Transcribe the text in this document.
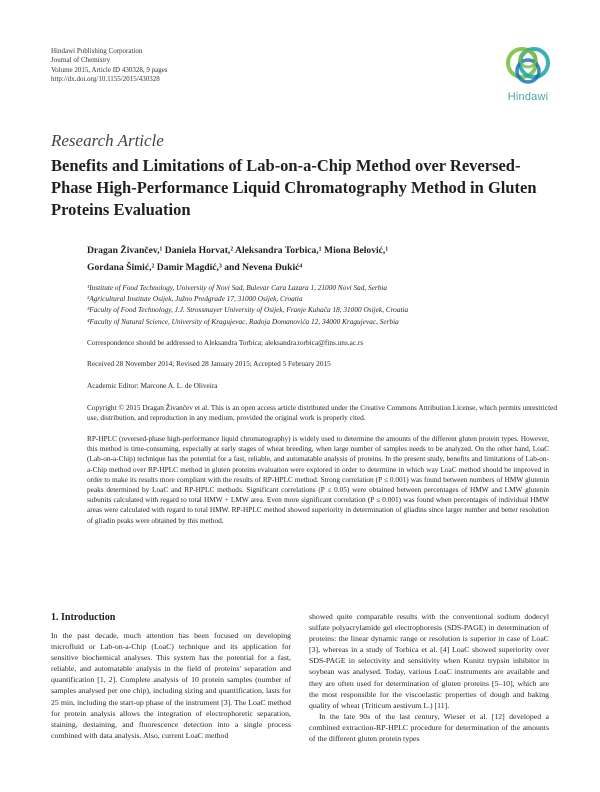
Hindawi Publishing Corporation
Journal of Chemistry
Volume 2015, Article ID 430328, 9 pages
http://dx.doi.org/10.1155/2015/430328
Hindawi
Research Article
Benefits and Limitations of Lab-on-a-Chip Method over Reversed-Phase High-Performance Liquid Chromatography Method in Gluten Proteins Evaluation
Dragan Živančev,¹ Daniela Horvat,² Aleksandra Torbica,¹ Miona Belović,¹
Gordana Šimić,² Damir Magdić,³ and Nevena Đukić⁴
¹Institute of Food Technology, University of Novi Sad, Bulevar Cara Lazara 1, 21000 Novi Sad, Serbia
²Agricultural Institute Osijek, Južno Predgrađe 17, 31000 Osijek, Croatia
³Faculty of Food Technology, J.J. Strossmayer University of Osijek, Franje Kuhača 18, 31000 Osijek, Croatia
⁴Faculty of Natural Science, University of Kragujevac, Radoja Domanovića 12, 34000 Kragujevac, Serbia
Correspondence should be addressed to Aleksandra Torbica; aleksandra.torbica@fins.uns.ac.rs
Received 28 November 2014; Revised 28 January 2015; Accepted 5 February 2015
Academic Editor: Marcone A. L. de Oliveira
Copyright © 2015 Dragan Živančev et al. This is an open access article distributed under the Creative Commons Attribution License, which permits unrestricted use, distribution, and reproduction in any medium, provided the original work is properly cited.
RP-HPLC (reversed-phase high-performance liquid chromatography) is widely used to determine the amounts of the different gluten protein types. However, this method is time-consuming, especially at early stages of wheat breeding, when large number of samples needs to be analyzed. On the other hand, LoaC (Lab-on-a-Chip) technique has the potential for a fast, reliable, and automatable analysis of proteins. In the present study, benefits and limitations of Lab-on-a-Chip method over RP-HPLC method in gluten proteins evaluation were explored in order to determine in which way LoaC method should be improved in order to make its results more compliant with the results of RP-HPLC method. Strong correlation (P ≤ 0.001) was found between numbers of HMW glutenin peaks determined by LoaC and RP-HPLC methods. Significant correlations (P ≤ 0.05) were obtained between percentages of HMW and LMW glutenin subunits calculated with regard to total HMW + LMW area. Even more significant correlation (P ≤ 0.001) was found when percentages of individual HMW areas were calculated with regard to total HMW. RP-HPLC method showed superiority in determination of gliadins since larger number and better resolution of gliadin peaks were obtained by this method.
1. Introduction

In the past decade, much attention has been focused on developing microfluid or Lab-on-a-Chip (LoaC) technique and its application for sensitive biochemical analyses. This system has the potential for a fast, reliable, and automatable analysis in the field of proteins' separation and quantification [1, 2]. Complete analysis of 10 protein samples (number of samples analysed per one chip), including sizing and quantification, lasts for 25 min, including the start-up phase of the instrument [3]. The LoaC method for protein analysis allows the integration of electrophoretic separation, staining, destaining, and fluorescence detection into a single process combined with data analysis. Also, current LoaC method

showed quite comparable results with the conventional sodium dodecyl sulfate polyacrylamide gel electrophoresis (SDS-PAGE) in determination of proteins: the linear dynamic range or resolution is superior in case of LoaC [3], whereas in a study of Torbica et al. [4] LoaC showed superiority over SDS-PAGE in selectivity and sensitivity when Kunitz trypsin inhibitor in soybean was analysed. Today, various LoaC instruments are available and they are often used for determination of gluten proteins [5–10], which are the most responsible for the viscoelastic properties of dough and baking quality of wheat (Triticum aestivum L.) [11].

In the late 90s of the last century, Wieser et al. [12] developed a combined extraction-RP-HPLC procedure for determination of the amounts of the different gluten protein types
